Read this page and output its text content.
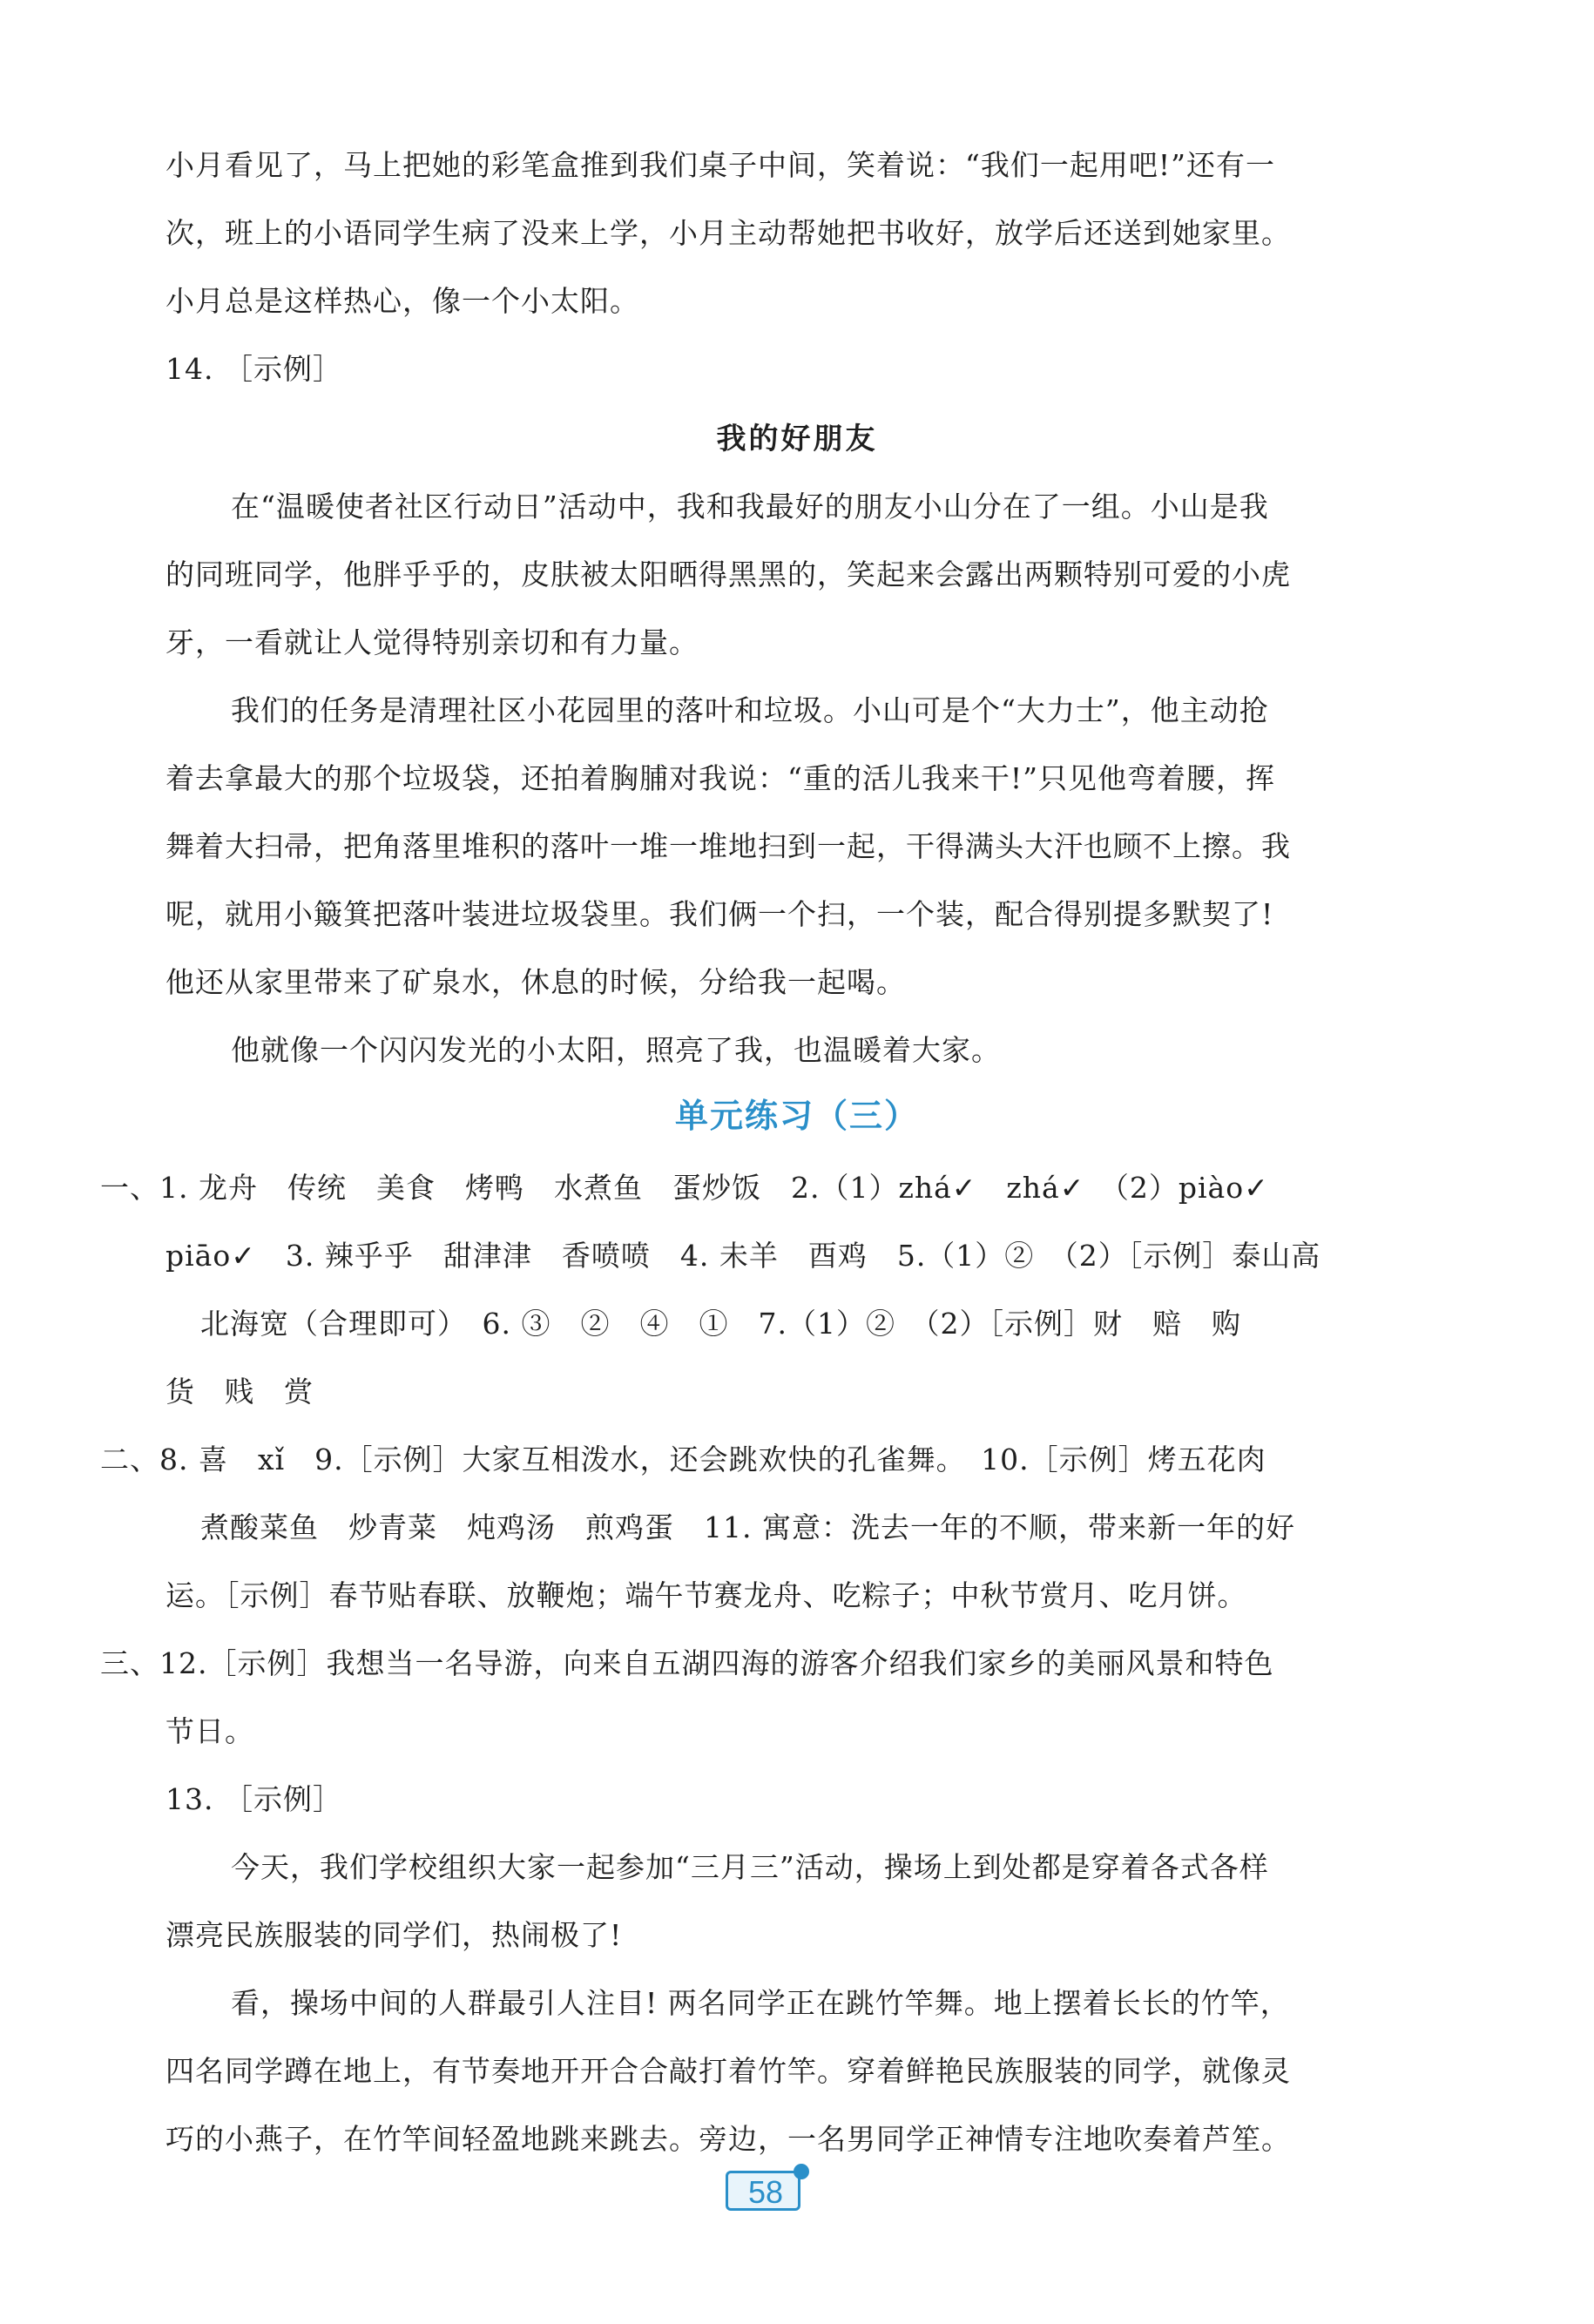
小月看见了，马上把她的彩笔盒推到我们桌子中间，笑着说：“我们一起用吧!”还有一
次，班上的小语同学生病了没来上学，小月主动帮她把书收好，放学后还送到她家里。
小月总是这样热心，像一个小太阳。
14. ［示例］
我的好朋友
在“温暖使者社区行动日”活动中，我和我最好的朋友小山分在了一组。小山是我
的同班同学，他胖乎乎的，皮肤被太阳晒得黑黑的，笑起来会露出两颗特别可爱的小虎
牙，一看就让人觉得特别亲切和有力量。
我们的任务是清理社区小花园里的落叶和垃圾。小山可是个“大力士”，他主动抢
着去拿最大的那个垃圾袋，还拍着胸脯对我说：“重的活儿我来干!”只见他弯着腰，挥
舞着大扫帚，把角落里堆积的落叶一堆一堆地扫到一起，干得满头大汗也顾不上擦。我
呢，就用小簸箕把落叶装进垃圾袋里。我们俩一个扫，一个装，配合得别提多默契了!
他还从家里带来了矿泉水，休息的时候，分给我一起喝。
他就像一个闪闪发光的小太阳，照亮了我，也温暖着大家。
单元练习（三）
一、1. 龙舟　传统　美食　烤鸭　水煮鱼　蛋炒饭　2.（1）zhá✓　zhá✓　（2）piào✓
piāo✓　3. 辣乎乎　甜津津　香喷喷　4. 未羊　酉鸡　5.（1）②　（2）［示例］泰山高
北海宽（合理即可）　6. ③　②　④　①　7.（1）②　（2）［示例］财　赔　购
货　贱　赏
二、8. 喜　xǐ　9.［示例］大家互相泼水，还会跳欢快的孔雀舞。　10.［示例］烤五花肉
煮酸菜鱼　炒青菜　炖鸡汤　煎鸡蛋　11. 寓意：洗去一年的不顺，带来新一年的好
运。［示例］春节贴春联、放鞭炮；端午节赛龙舟、吃粽子；中秋节赏月、吃月饼。
三、12.［示例］我想当一名导游，向来自五湖四海的游客介绍我们家乡的美丽风景和特色
节日。
13. ［示例］
今天，我们学校组织大家一起参加“三月三”活动，操场上到处都是穿着各式各样
漂亮民族服装的同学们，热闹极了!
看，操场中间的人群最引人注目! 两名同学正在跳竹竿舞。地上摆着长长的竹竿，
四名同学蹲在地上，有节奏地开开合合敲打着竹竿。穿着鲜艳民族服装的同学，就像灵
巧的小燕子，在竹竿间轻盈地跳来跳去。旁边，一名男同学正神情专注地吹奏着芦笙。
58
